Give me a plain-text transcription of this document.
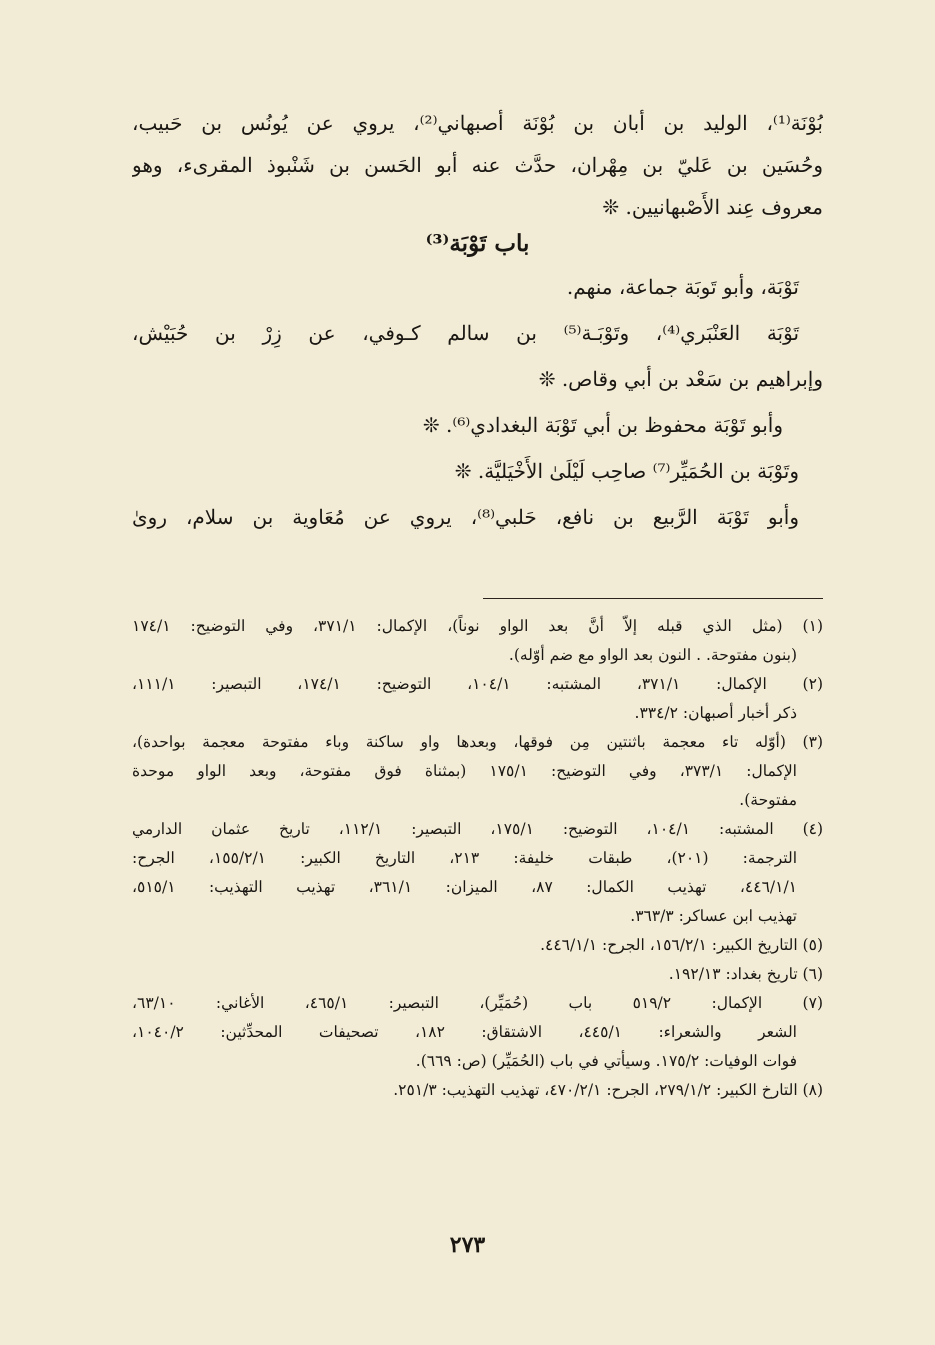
بُوْنَة⁽¹⁾، الوليد بن أبان بن بُوْنَة أصبهاني⁽²⁾، يروي عن يُونُس بن حَبيب،
وحُسَين بن عَليّ بن مِهْران، حدَّث عنه أبو الحَسن بن شَنْبوذ المقرىء، وهو
معروف عِند الأَصْبهانيين. ❊
باب تَوْبَة⁽³⁾
تَوْبَة، وأبو تَوبَة جماعة، منهم.
تَوْبَة العَنْبَري⁽⁴⁾، وتَوْبَـة⁽⁵⁾ بن سالم كـوفي، عن زِرْ بن حُبَيْش،
وإبراهيم بن سَعْد بن أبي وقاص. ❊
وأبو تَوْبَة محفوظ بن أبي تَوْبَة البغدادي⁽⁶⁾. ❊
وتَوْبَة بن الحُمَيِّر⁽⁷⁾ صاحِب لَيْلَىٰ الأَخْيَليَّة. ❊
وأبو تَوْبَة الرَّبيع بن نافع، حَلبي⁽⁸⁾، يروي عن مُعَاوية بن سلام، روىٰ
(١) (مثل الذي قبله إلاّ أنَّ بعد الواو نوناً)، الإكمال: ٣٧١/١، وفي التوضيح: ١٧٤/١
(بنون مفتوحة. . النون بعد الواو مع ضم أوّله).
(٢) الإكمال: ٣٧١/١، المشتبه: ١٠٤/١، التوضيح: ١٧٤/١، التبصير: ١١١/١،
ذكر أخبار أصبهان: ٣٣٤/٢.
(٣) (أوّله تاء معجمة باثنتين مِن فوقها، وبعدها واو ساكنة وباء مفتوحة معجمة بواحدة)،
الإكمال: ٣٧٣/١، وفي التوضيح: ١٧٥/١ (بمثناة فوق مفتوحة، وبعد الواو موحدة
مفتوحة).
(٤) المشتبه: ١٠٤/١، التوضيح: ١٧٥/١، التبصير: ١١٢/١، تاريخ عثمان الدارمي
الترجمة: (٢٠١)، طبقات خليفة: ٢١٣، التاريخ الكبير: ١٥٥/٢/١، الجرح:
٤٤٦/١/١، تهذيب الكمال: ٨٧، الميزان: ٣٦١/١، تهذيب التهذيب: ٥١٥/١،
تهذيب ابن عساكر: ٣٦٣/٣.
(٥) التاريخ الكبير: ١٥٦/٢/١، الجرح: ٤٤٦/١/١.
(٦) تاريخ بغداد: ١٩٢/١٣.
(٧) الإكمال: ٥١٩/٢ باب (حُمَيِّر)، التبصير: ٤٦٥/١، الأغاني: ٦٣/١٠،
الشعر والشعراء: ٤٤٥/١، الاشتقاق: ١٨٢، تصحيفات المحدِّثين: ١٠٤٠/٢،
فوات الوفيات: ١٧٥/٢. وسيأتي في باب (الحُمَيِّر) (ص: ٦٦٩).
(٨) التارخ الكبير: ٢٧٩/١/٢، الجرح: ٤٧٠/٢/١، تهذيب التهذيب: ٢٥١/٣.
٢٧٣
